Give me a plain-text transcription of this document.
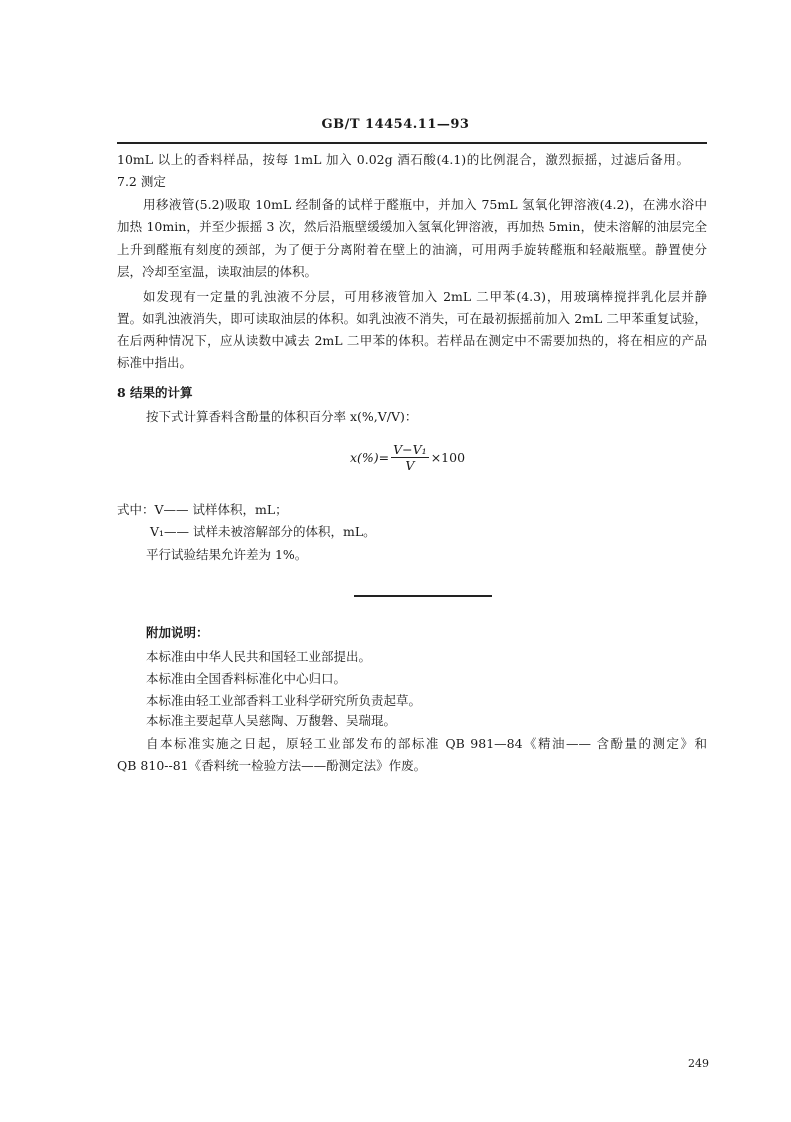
GB/T 14454.11—93
10mL 以上的香料样品，按每 1mL 加入 0.02g 酒石酸(4.1)的比例混合，激烈振摇，过滤后备用。
7.2 测定
用移液管(5.2)吸取 10mL 经制备的试样于醛瓶中，并加入 75mL 氢氧化钾溶液(4.2)，在沸水浴中
加热 10min，并至少振摇 3 次，然后沿瓶壁缓缓加入氢氧化钾溶液，再加热 5min，使未溶解的油层完全
上升到醛瓶有刻度的颈部，为了便于分离附着在壁上的油滴，可用两手旋转醛瓶和轻敲瓶壁。静置使分
层，冷却至室温，读取油层的体积。
如发现有一定量的乳浊液不分层，可用移液管加入 2mL 二甲苯(4.3)，用玻璃棒搅拌乳化层并静
置。如乳浊液消失，即可读取油层的体积。如乳浊液不消失，可在最初振摇前加入 2mL 二甲苯重复试验，
在后两种情况下，应从读数中减去 2mL 二甲苯的体积。若样品在测定中不需要加热的，将在相应的产品
标准中指出。
8 结果的计算
按下式计算香料含酚量的体积百分率 x(%,V/V)：
$x(\%)= \frac{\text{V−V₁}}{V} \times 100$
式中：V—— 试样体积，mL；
V₁—— 试样未被溶解部分的体积，mL。
平行试验结果允许差为 1%。
附加说明：
本标准由中华人民共和国轻工业部提出。
本标准由全国香料标准化中心归口。
本标准由轻工业部香料工业科学研究所负责起草。
本标准主要起草人吴慈陶、万馥磐、吴瑞琨。
自本标准实施之日起，原轻工业部发布的部标准 QB 981—84《精油—— 含酚量的测定》和
QB 810--81《香料统一检验方法——酚测定法》作废。
249
